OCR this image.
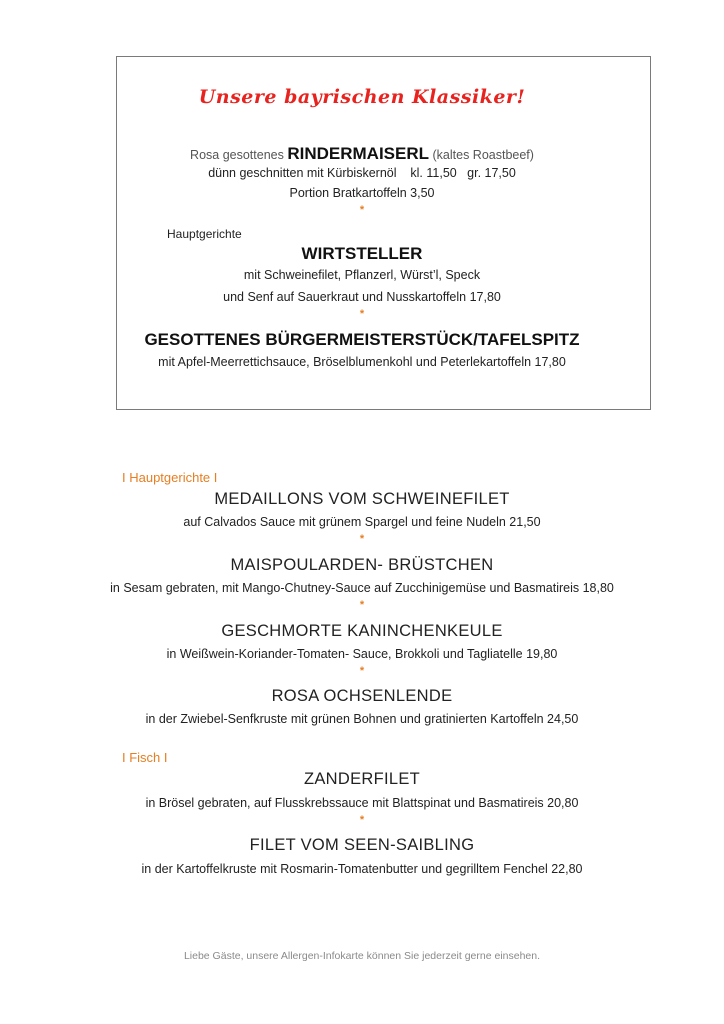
Unsere bayrischen Klassiker!
Rosa gesottenes RINDERMAISERL (kaltes Roastbeef)
dünn geschnitten mit Kürbiskernöl    kl. 11,50   gr. 17,50
Portion Bratkartoffeln 3,50
*
Hauptgerichte
WIRTSTELLER
mit Schweinefilet, Pflanzerl, Würst’l, Speck
und Senf auf Sauerkraut und Nusskartoffeln 17,80
*
GESOTTENES BÜRGERMEISTERSTÜCK/TAFELSPITZ
mit Apfel-Meerrettichsauce, Bröselblumenkohl und Peterlekartoffeln 17,80
I Hauptgerichte I
MEDAILLONS VOM SCHWEINEFILET
auf Calvados Sauce mit grünem Spargel und feine Nudeln 21,50
*
MAISPOULARDEN- BRÜSTCHEN
in Sesam gebraten, mit Mango-Chutney-Sauce auf Zucchinigemüse und Basmatireis 18,80
*
GESCHMORTE KANINCHENKEULE
in Weißwein-Koriander-Tomaten- Sauce, Brokkoli und Tagliatelle 19,80
*
ROSA OCHSENLENDE
in der Zwiebel-Senfkruste mit grünen Bohnen und gratinierten Kartoffeln 24,50
I Fisch I
ZANDERFILET
in Brösel gebraten, auf Flusskrebssauce mit Blattspinat und Basmatireis 20,80
*
FILET VOM SEEN-SAIBLING
in der Kartoffelkruste mit Rosmarin-Tomatenbutter und gegrilltem Fenchel 22,80
Liebe Gäste, unsere Allergen-Infokarte können Sie jederzeit gerne einsehen.
